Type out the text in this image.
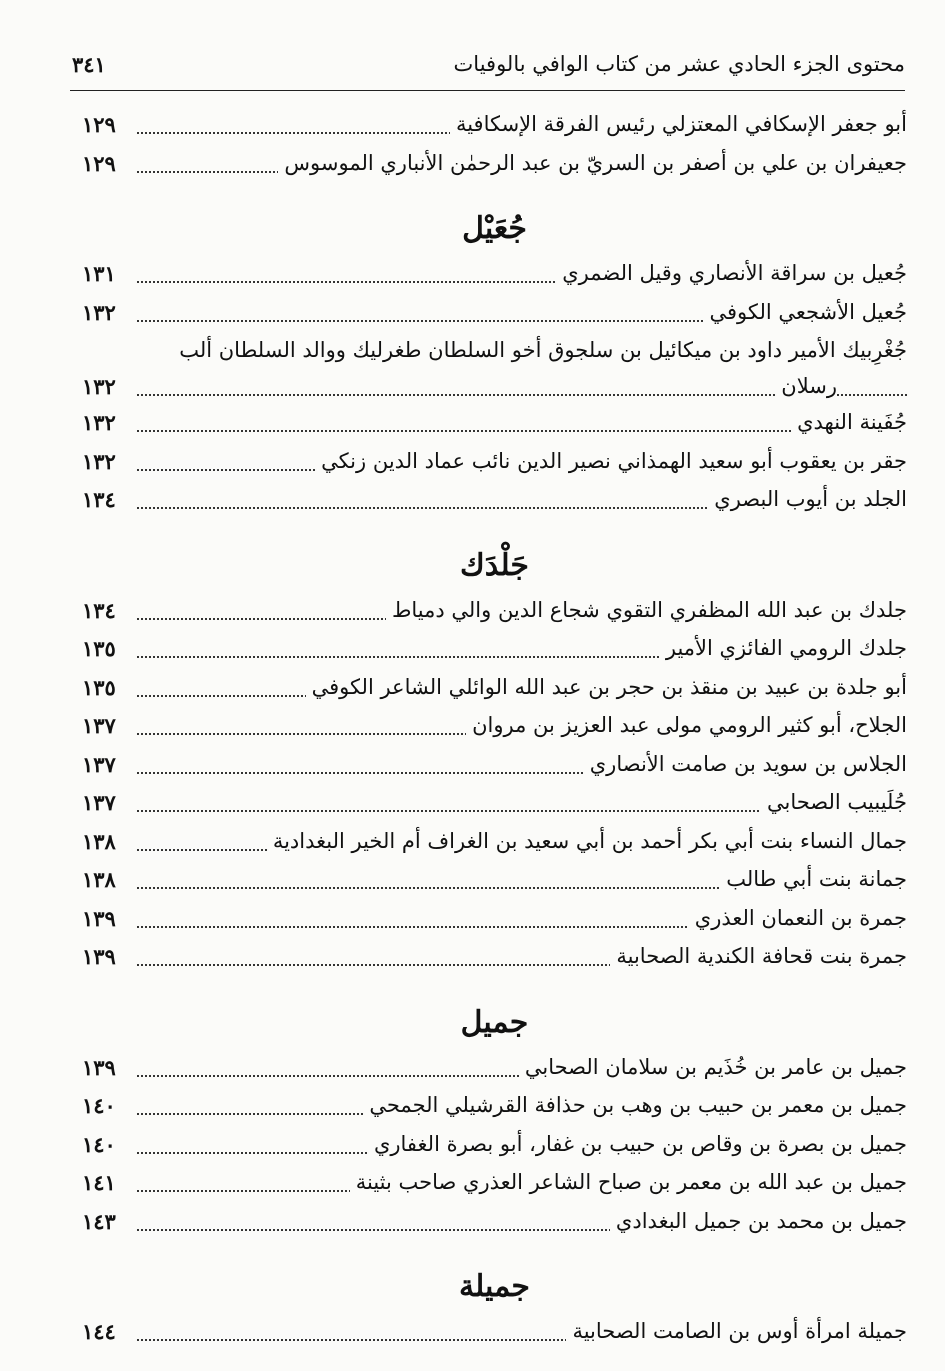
محتوى الجزء الحادي عشر من كتاب الوافي بالوفيات
٣٤١
أبو جعفر الإسكافي المعتزلي رئيس الفرقة الإسكافية
١٢٩
جعيفران بن علي بن أصفر بن السريّ بن عبد الرحمٰن الأنباري الموسوس
١٢٩
جُعَيْل
جُعيل بن سراقة الأنصاري وقيل الضمري
١٣١
جُعيل الأشجعي الكوفي
١٣٢
جُغْرِبيك الأمير داود بن ميكائيل بن سلجوق أخو السلطان طغرليك ووالد السلطان ألب
رسلان
١٣٢
جُفَينة النهدي
١٣٢
جقر بن يعقوب أبو سعيد الهمذاني نصير الدين نائب عماد الدين زنكي
١٣٢
الجلد بن أيوب البصري
١٣٤
جَلْدَك
جلدك بن عبد الله المظفري التقوي شجاع الدين والي دمياط
١٣٤
جلدك الرومي الفائزي الأمير
١٣٥
أبو جلدة بن عبيد بن منقذ بن حجر بن عبد الله الوائلي الشاعر الكوفي
١٣٥
الجلاح، أبو كثير الرومي مولى عبد العزيز بن مروان
١٣٧
الجلاس بن سويد بن صامت الأنصاري
١٣٧
جُلَيبيب الصحابي
١٣٧
جمال النساء بنت أبي بكر أحمد بن أبي سعيد بن الغراف أم الخير البغدادية
١٣٨
جمانة بنت أبي طالب
١٣٨
جمرة بن النعمان العذري
١٣٩
جمرة بنت قحافة الكندية الصحابية
١٣٩
جميل
جميل بن عامر بن خُذَيم بن سلامان الصحابي
١٣٩
جميل بن معمر بن حبيب بن وهب بن حذافة القرشيلي الجمحي
١٤٠
جميل بن بصرة بن وقاص بن حبيب بن غفار، أبو بصرة الغفاري
١٤٠
جميل بن عبد الله بن معمر بن صباح الشاعر العذري صاحب بثينة
١٤١
جميل بن محمد بن جميل البغدادي
١٤٣
جميلة
جميلة امرأة أوس بن الصامت الصحابية
١٤٤
